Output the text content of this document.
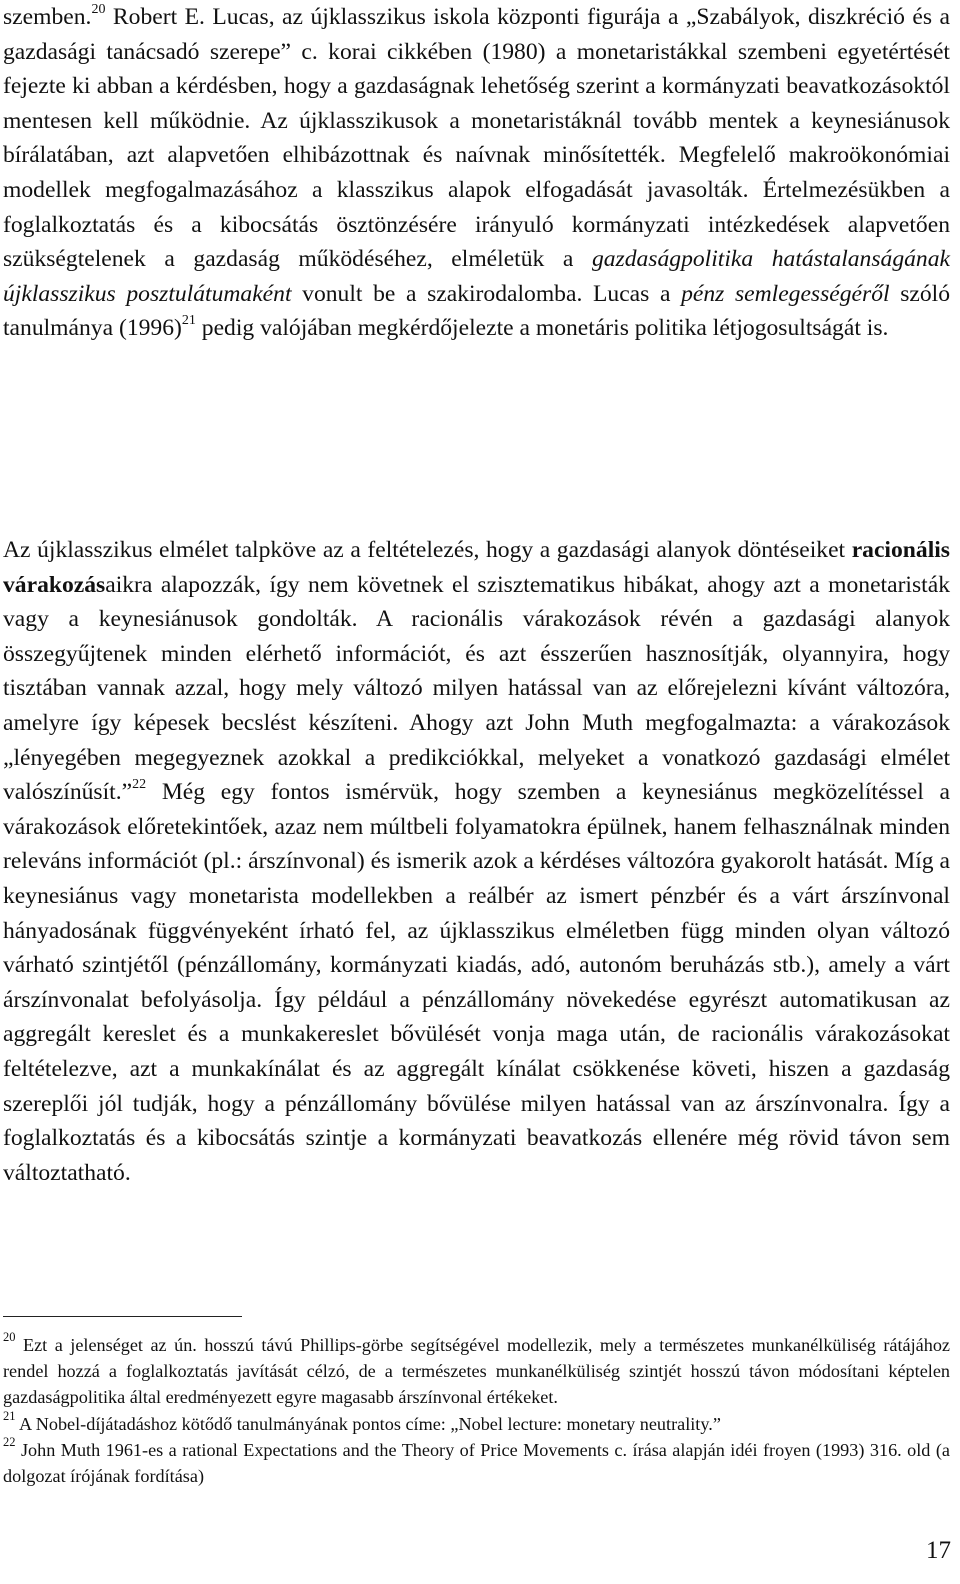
szemben.$^{20}$ Robert E. Lucas, az újklasszikus iskola központi figurája a „Szabályok, diszkréció és a gazdasági tanácsadó szerepe” c. korai cikkében (1980) a monetaristákkal szembeni egyetértését fejezte ki abban a kérdésben, hogy a gazdaságnak lehetőség szerint a kormányzati beavatkozásoktól mentesen kell működnie. Az újklasszikusok a monetaristáknál tovább mentek a keynesiánusok bírálatában, azt alapvetően elhibázottnak és naívnak minősítették. Megfelelő makroökonómiai modellek megfogalmazásához a klasszikus alapok elfogadását javasolták. Értelmezésükben a foglalkoztatás és a kibocsátás ösztönzésére irányuló kormányzati intézkedések alapvetően szükségtelenek a gazdaság működéséhez, elméletük a gazdaságpolitika hatástalanságának újklasszikus posztulátumaként vonult be a szakirodalomba. Lucas a pénz semlegességéről szóló tanulmánya $(1996)^{21}$ pedig valójában megkérdőjelezte a monetáris politika létjogosultságát is.

Az újklasszikus elmélet talpköve az a feltételezés, hogy a gazdasági alanyok döntéseiket racionális várakozásaikra alapozzák, így nem követnek el szisztematikus hibákat, ahogy azt a monetaristák vagy a keynesiánusok gondolták. A racionális várakozások révén a gazdasági alanyok összegyűjtenek minden elérhető információt, és azt ésszerűen hasznosítják, olyannyira, hogy tisztában vannak azzal, hogy mely változó milyen hatással van az előrejelezni kívánt változóra, amelyre így képesek becslést készíteni. Ahogy azt John Muth megfogalmazta: a várakozások „lényegében megegyeznek azokkal a predikciókkal, melyeket a vonatkozó gazdasági elmélet valószínűsít.”$^{22}$ Még egy fontos ismérvük, hogy szemben a keynesiánus megközelítéssel a várakozások előretekintőek, azaz nem múltbeli folyamatokra épülnek, hanem felhasználnak minden releváns információt (pl.: árszínvonal) és ismerik azok a kérdéses változóra gyakorolt hatását. Míg a keynesiánus vagy monetarista modellekben a reálbér az ismert pénzbér és a várt árszínvonal hányadosának függvényeként írható fel, az újklasszikus elméletben függ minden olyan változó várható szintjétől (pénzállomány, kormányzati kiadás, adó, autonóm beruházás stb.), amely a várt árszínvonalat befolyásolja. Így például a pénzállomány növekedése egyrészt automatikusan az aggregált kereslet és a munkakereslet bővülését vonja maga után, de racionális várakozásokat feltételezve, azt a munkakínálat és az aggregált kínálat csökkenése követi, hiszen a gazdaság szereplői jól tudják, hogy a pénzállomány bővülése milyen hatással van az árszínvonalra. Így a foglalkoztatás és a kibocsátás szintje a kormányzati beavatkozás ellenére még rövid távon sem változtatható.

$^{20}$ Ezt a jelenséget az ún. hosszú távú Phillips-görbe segítségével modellezik, mely a természetes munkanélküliség rátájához rendel hozzá a foglalkoztatás javítását célzó, de a természetes munkanélküliség szintjét hosszú távon módosítani képtelen gazdaságpolitika által eredményezett egyre magasabb árszínvonal értékeket.

$^{21}$ A Nobel-díjátadáshoz kötődő tanulmányának pontos címe: „Nobel lecture: monetary neutrality.”

$^{22}$ John Muth 1961-es a rational Expectations and the Theory of Price Movements c. írása alapján idéi froyen (1993) 316. old (a dolgozat írójának fordítása)

17
